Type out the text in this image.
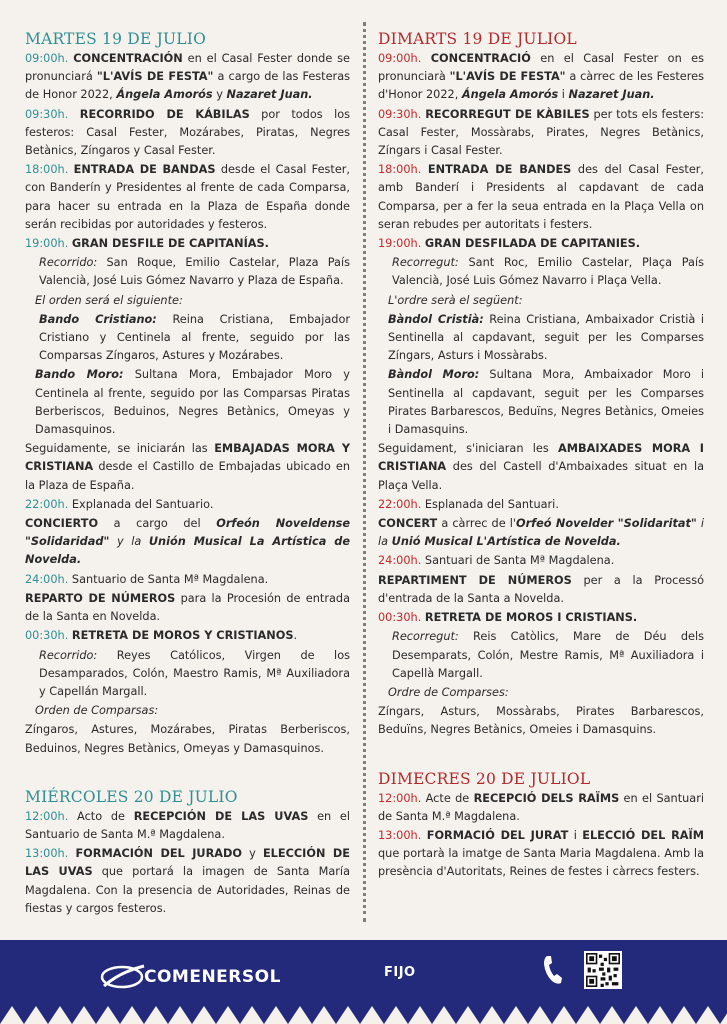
MARTES 19 DE JULIO

09:00h. CONCENTRACIÓN en el Casal Fester donde se pronunciará "L'AVÍS DE FESTA" a cargo de las Festeras de Honor 2022, Ángela Amorós y Nazaret Juan.

09:30h. RECORRIDO DE KÁBILAS por todos los festeros: Casal Fester, Mozárabes, Piratas, Negres Betànics, Zíngaros y Casal Fester.

18:00h. ENTRADA DE BANDAS desde el Casal Fester, con Banderín y Presidentes al frente de cada Comparsa, para hacer su entrada en la Plaza de España donde serán recibidas por autoridades y festeros.

19:00h. GRAN DESFILE DE CAPITANÍAS.

Recorrido: San Roque, Emilio Castelar, Plaza País Valencià, José Luis Gómez Navarro y Plaza de España.

El orden será el siguiente:

Bando Cristiano: Reina Cristiana, Embajador Cristiano y Centinela al frente, seguido por las Comparsas Zíngaros, Astures y Mozárabes.

Bando Moro: Sultana Mora, Embajador Moro y Centinela al frente, seguido por las Comparsas Piratas Berberiscos, Beduinos, Negres Betànics, Omeyas y Damasquinos.

Seguidamente, se iniciarán las EMBAJADAS MORA Y CRISTIANA desde el Castillo de Embajadas ubicado en la Plaza de España.

22:00h. Explanada del Santuario.

CONCIERTO a cargo del Orfeón Noveldense "Solidaridad" y la Unión Musical La Artística de Novelda.

24:00h. Santuario de Santa Mª Magdalena.

REPARTO DE NÚMEROS para la Procesión de entrada de la Santa en Novelda.

00:30h. RETRETA DE MOROS Y CRISTIANOS.

Recorrido: Reyes Católicos, Virgen de los Desamparados, Colón, Maestro Ramis, Mª Auxiliadora y Capellán Margall.

Orden de Comparsas:

Zíngaros, Astures, Mozárabes, Piratas Berberiscos, Beduinos, Negres Betànics, Omeyas y Damasquinos.

MIÉRCOLES 20 DE JULIO

12:00h. Acto de RECEPCIÓN DE LAS UVAS en el Santuario de Santa M.ª Magdalena.

13:00h. FORMACIÓN DEL JURADO y ELECCIÓN DE LAS UVAS que portará la imagen de Santa María Magdalena. Con la presencia de Autoridades, Reinas de fiestas y cargos festeros.

DIMARTS 19 DE JULIOL

09:00h. CONCENTRACIÓ en el Casal Fester on es pronunciarà "L'AVÍS DE FESTA" a càrrec de les Festeres d'Honor 2022, Ángela Amorós i Nazaret Juan.

09:30h. RECORREGUT DE KÀBILES per tots els festers: Casal Fester, Mossàrabs, Pirates, Negres Betànics, Zíngars i Casal Fester.

18:00h. ENTRADA DE BANDES des del Casal Fester, amb Banderí i Presidents al capdavant de cada Comparsa, per a fer la seua entrada en la Plaça Vella on seran rebudes per autoritats i festers.

19:00h. GRAN DESFILADA DE CAPITANIES.

Recorregut: Sant Roc, Emilio Castelar, Plaça País Valencià, José Luis Gómez Navarro i Plaça Vella.

L'ordre serà el següent:

Bàndol Cristià: Reina Cristiana, Ambaixador Cristià i Sentinella al capdavant, seguit per les Comparses Zíngars, Asturs i Mossàrabs.

Bàndol Moro: Sultana Mora, Ambaixador Moro i Sentinella al capdavant, seguit per les Comparses Pirates Barbarescos, Beduïns, Negres Betànics, Omeies i Damasquins.

Seguidament, s'iniciaran les AMBAIXADES MORA I CRISTIANA des del Castell d'Ambaixades situat en la Plaça Vella.

22:00h. Esplanada del Santuari.

CONCERT a càrrec de l'Orfeó Novelder "Solidaritat" i la Unió Musical L'Artística de Novelda.

24:00h. Santuari de Santa Mª Magdalena.

REPARTIMENT DE NÚMEROS per a la Processó d'entrada de la Santa a Novelda.

00:30h. RETRETA DE MOROS I CRISTIANS.

Recorregut: Reis Catòlics, Mare de Déu dels Desemparats, Colón, Mestre Ramis, Mª Auxiliadora i Capellà Margall.

Ordre de Comparses:

Zíngars, Asturs, Mossàrabs, Pirates Barbarescos, Beduïns, Negres Betànics, Omeies i Damasquins.

DIMECRES 20 DE JULIOL

12:00h. Acte de RECEPCIÓ DELS RAÏMS en el Santuari de Santa M.ª Magdalena.

13:00h. FORMACIÓ DEL JURAT i ELECCIÓ DEL RAÏM que portarà la imatge de Santa Maria Magdalena. Amb la presència d'Autoritats, Reines de festes i càrrecs festers.

COMENERSOL	FIJO
